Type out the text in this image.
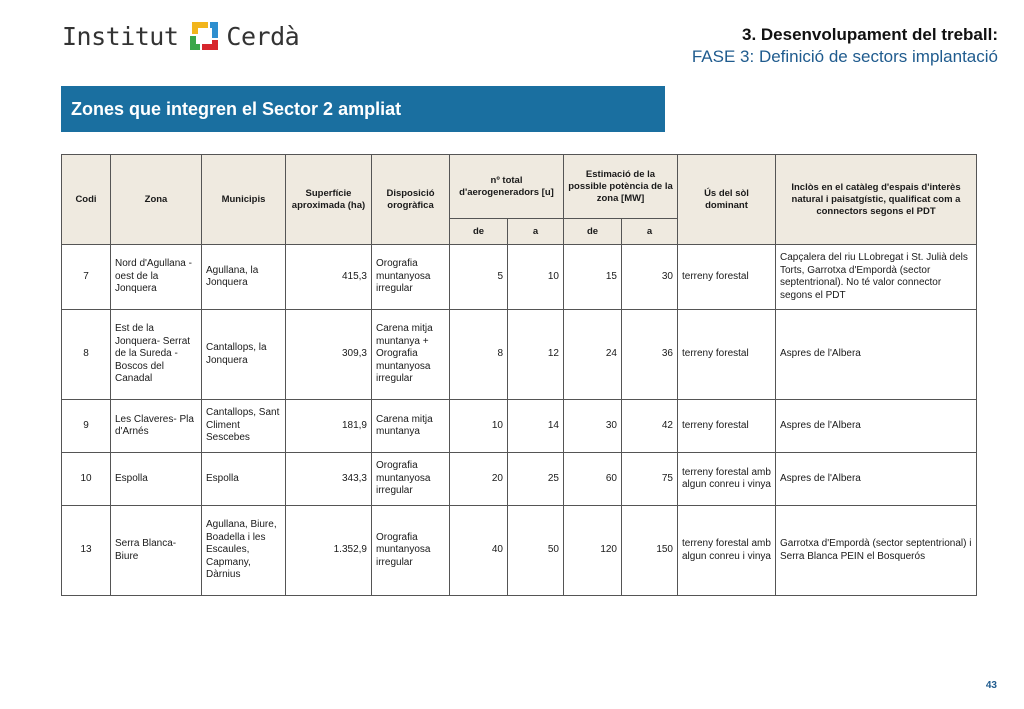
Institut Cerdà	3. Desenvolupament del treball:
FASE 3: Definició de sectors implantació
Zones que integren el Sector 2 ampliat
Codi	Zona	Municipis	Superfície aproximada (ha)	Disposició orogràfica	nº total d'aerogeneradors [u]		Estimació de la possible potència de la zona [MW]		Ús del sòl dominant	Inclòs en el catàleg d'espais d'interès natural i paisatgístic, qualificat com a connectors segons el PDT
					de	a	de	a		
7	Nord d'Agullana - oest de la Jonquera	Agullana, la Jonquera	415,3	Orografia muntanyosa irregular	5	10	15	30	terreny forestal	Capçalera del riu LLobregat i St. Julià dels Torts, Garrotxa d'Empordà (sector septentrional). No té valor connector segons el PDT
8	Est de la Jonquera- Serrat de la Sureda - Boscos del Canadal	Cantallops, la Jonquera	309,3	Carena mitja muntanya + Orografia muntanyosa irregular	8	12	24	36	terreny forestal	Aspres de l'Albera
9	Les Claveres- Pla d'Arnés	Cantallops, Sant Climent Sescebes	181,9	Carena mitja muntanya	10	14	30	42	terreny forestal	Aspres de l'Albera
10	Espolla	Espolla	343,3	Orografia muntanyosa irregular	20	25	60	75	terreny forestal amb algun conreu i vinya	Aspres de l'Albera
13	Serra Blanca- Biure	Agullana, Biure, Boadella i les Escaules, Capmany, Dàrnius	1.352,9	Orografia muntanyosa irregular	40	50	120	150	terreny forestal amb algun conreu i vinya	Garrotxa d'Empordà (sector septentrional) i Serra Blanca PEIN el Bosquerós
43
